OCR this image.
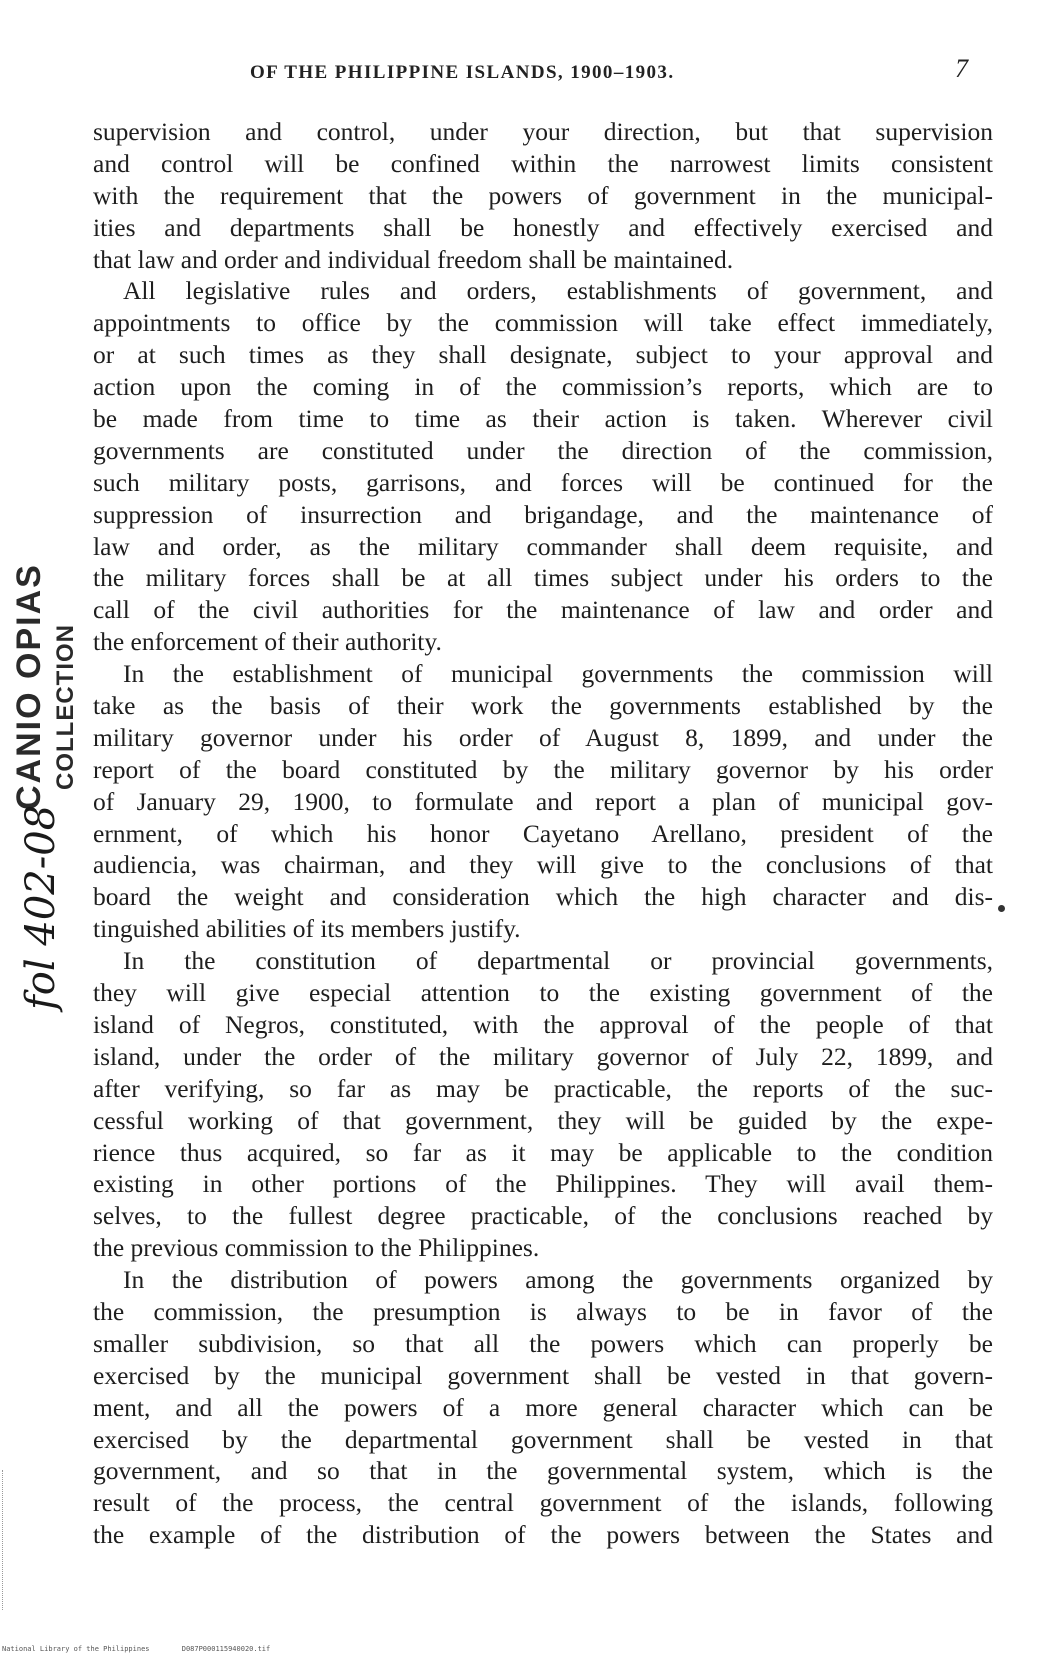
OF THE PHILIPPINE ISLANDS, 1900–1903.	7
supervision and control, under your direction, but that supervision
and control will be confined within the narrowest limits consistent
with the requirement that the powers of government in the municipal-
ities and departments shall be honestly and effectively exercised and
that law and order and individual freedom shall be maintained.
All legislative rules and orders, establishments of government, and
appointments to office by the commission will take effect immediately,
or at such times as they shall designate, subject to your approval and
action upon the coming in of the commission’s reports, which are to
be made from time to time as their action is taken. Wherever civil
governments are constituted under the direction of the commission,
such military posts, garrisons, and forces will be continued for the
suppression of insurrection and brigandage, and the maintenance of
law and order, as the military commander shall deem requisite, and
the military forces shall be at all times subject under his orders to the
call of the civil authorities for the maintenance of law and order and
the enforcement of their authority.
In the establishment of municipal governments the commission will
take as the basis of their work the governments established by the
military governor under his order of August 8, 1899, and under the
report of the board constituted by the military governor by his order
of January 29, 1900, to formulate and report a plan of municipal gov-
ernment, of which his honor Cayetano Arellano, president of the
audiencia, was chairman, and they will give to the conclusions of that
board the weight and consideration which the high character and dis-
tinguished abilities of its members justify.
In the constitution of departmental or provincial governments,
they will give especial attention to the existing government of the
island of Negros, constituted, with the approval of the people of that
island, under the order of the military governor of July 22, 1899, and
after verifying, so far as may be practicable, the reports of the suc-
cessful working of that government, they will be guided by the expe-
rience thus acquired, so far as it may be applicable to the condition
existing in other portions of the Philippines. They will avail them-
selves, to the fullest degree practicable, of the conclusions reached by
the previous commission to the Philippines.
In the distribution of powers among the governments organized by
the commission, the presumption is always to be in favor of the
smaller subdivision, so that all the powers which can properly be
exercised by the municipal government shall be vested in that govern-
ment, and all the powers of a more general character which can be
exercised by the departmental government shall be vested in that
government, and so that in the governmental system, which is the
result of the process, the central government of the islands, following
the example of the distribution of the powers between the States and
CANIO OPIAS COLLECTION
fol 402-08
National Library of the Philippines	D087P000115940020.tif
